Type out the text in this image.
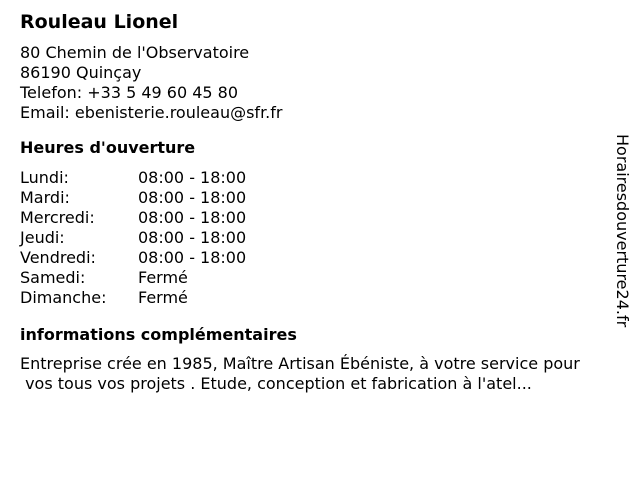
Rouleau Lionel
80 Chemin de l'Observatoire
86190 Quinçay
Telefon: +33 5 49 60 45 80
Email: ebenisterie.rouleau@sfr.fr
Heures d'ouverture
Lundi:	08:00 - 18:00
Mardi:	08:00 - 18:00
Mercredi:	08:00 - 18:00
Jeudi:	08:00 - 18:00
Vendredi:	08:00 - 18:00
Samedi:	Fermé
Dimanche:	Fermé
informations complémentaires
Entreprise crée en 1985, Maître Artisan Ébéniste, à votre service pour
vos tous vos projets . Etude, conception et fabrication à l'atel...
Horairesdouverture24.fr
